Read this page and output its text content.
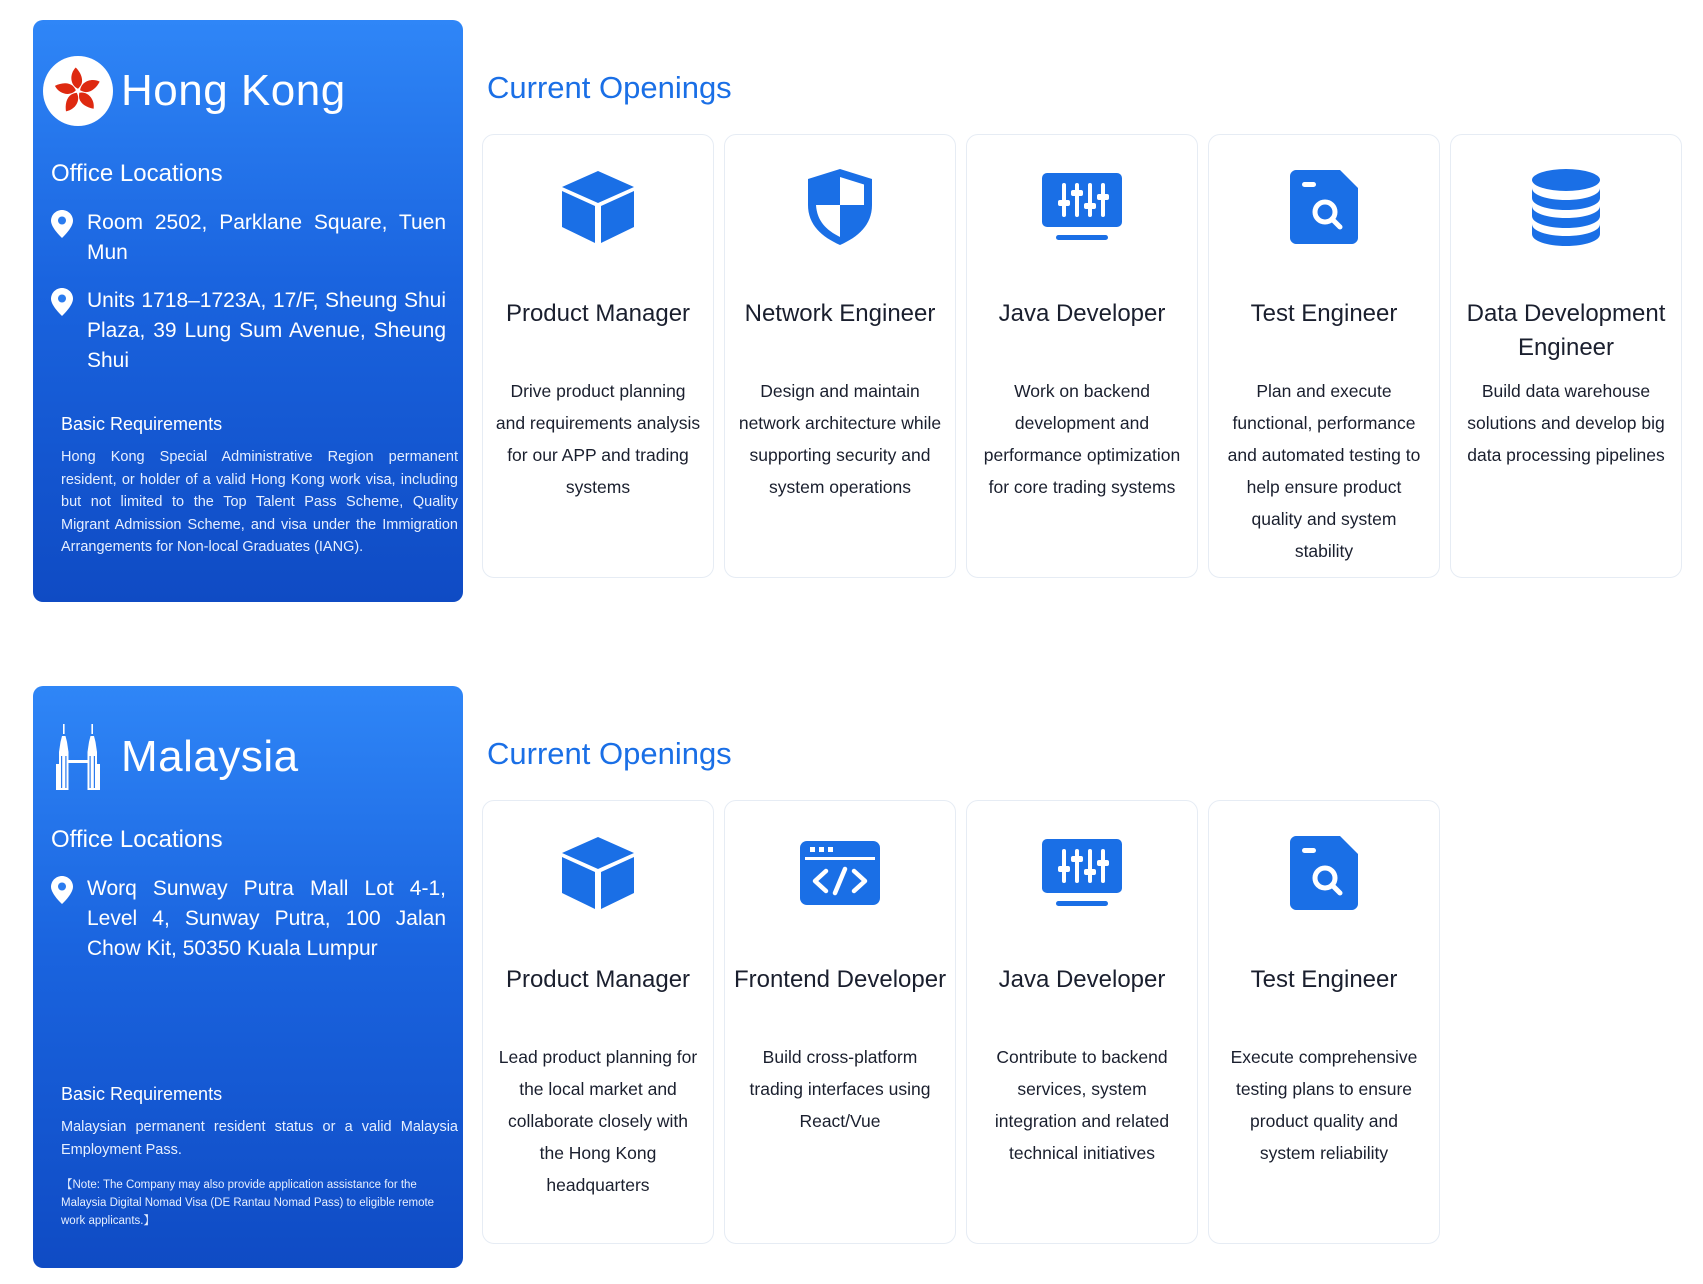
Hong Kong
Office Locations
Room 2502, Parklane Square, Tuen Mun
Units 1718–1723A, 17/F, Sheung Shui Plaza, 39 Lung Sum Avenue, Sheung Shui
Basic Requirements
Hong Kong Special Administrative Region permanent resident, or holder of a valid Hong Kong work visa, including but not limited to the Top Talent Pass Scheme, Quality Migrant Admission Scheme, and visa under the Immigration Arrangements for Non-local Graduates (IANG).
Current Openings
Product Manager
Drive product planning and requirements analysis for our APP and trading systems
Network Engineer
Design and maintain network architecture while supporting security and system operations
Java Developer
Work on backend development and performance optimization for core trading systems
Test Engineer
Plan and execute functional, performance and automated testing to help ensure product quality and system stability
Data Development Engineer
Build data warehouse solutions and develop big data processing pipelines
Malaysia
Office Locations
Worq Sunway Putra Mall Lot 4-1, Level 4, Sunway Putra, 100 Jalan Chow Kit, 50350 Kuala Lumpur
Basic Requirements
Malaysian permanent resident status or a valid Malaysia Employment Pass.
【Note: The Company may also provide application assistance for the Malaysia Digital Nomad Visa (DE Rantau Nomad Pass) to eligible remote work applicants.】
Current Openings
Product Manager
Lead product planning for the local market and collaborate closely with the Hong Kong headquarters
Frontend Developer
Build cross-platform trading interfaces using React/Vue
Java Developer
Contribute to backend services, system integration and related technical initiatives
Test Engineer
Execute comprehensive testing plans to ensure product quality and system reliability
